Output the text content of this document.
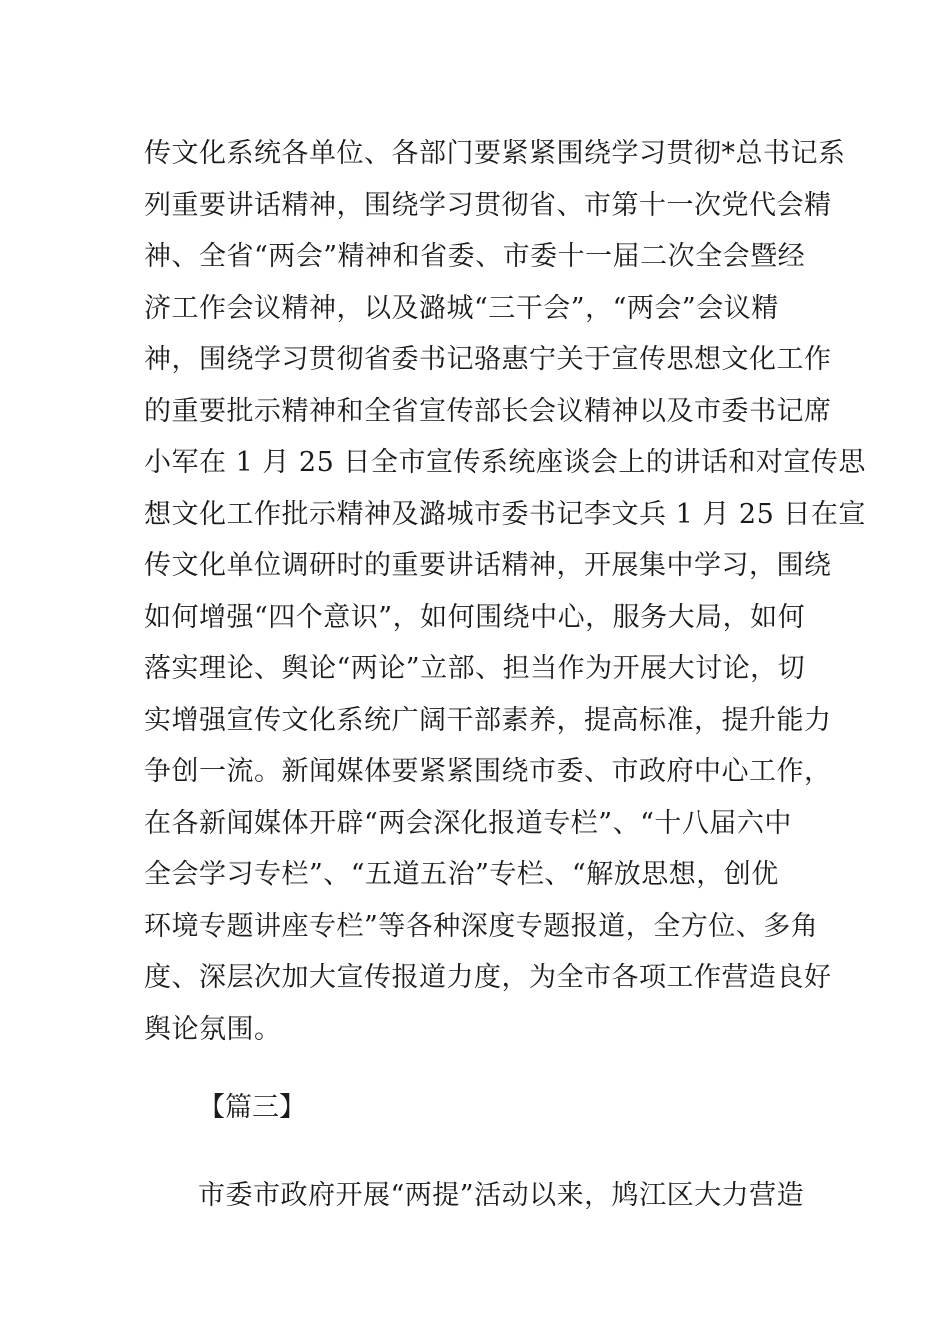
传文化系统各单位、各部门要紧紧围绕学习贯彻*总书记系
列重要讲话精神，围绕学习贯彻省、市第十一次党代会精
神、全省“两会”精神和省委、市委十一届二次全会暨经
济工作会议精神，以及潞城“三干会”，“两会”会议精
神，围绕学习贯彻省委书记骆惠宁关于宣传思想文化工作
的重要批示精神和全省宣传部长会议精神以及市委书记席
小军在 1 月 25 日全市宣传系统座谈会上的讲话和对宣传思
想文化工作批示精神及潞城市委书记李文兵 1 月 25 日在宣
传文化单位调研时的重要讲话精神，开展集中学习，围绕
如何增强“四个意识”，如何围绕中心，服务大局，如何
落实理论、舆论“两论”立部、担当作为开展大讨论，切
实增强宣传文化系统广阔干部素养，提高标准，提升能力
争创一流。新闻媒体要紧紧围绕市委、市政府中心工作，
在各新闻媒体开辟“两会深化报道专栏”、“十八届六中
全会学习专栏”、“五道五治”专栏、“解放思想，创优
环境专题讲座专栏”等各种深度专题报道，全方位、多角
度、深层次加大宣传报道力度，为全市各项工作营造良好
舆论氛围。
【篇三】
市委市政府开展“两提”活动以来，鸠江区大力营造
